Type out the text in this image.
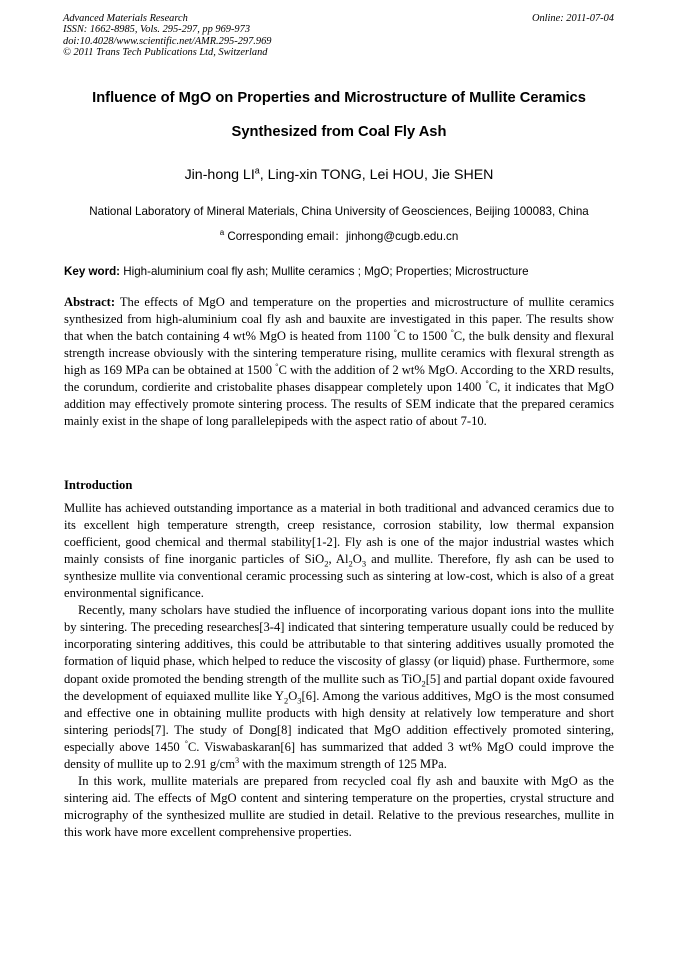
Advanced Materials Research
ISSN: 1662-8985, Vols. 295-297, pp 969-973
doi:10.4028/www.scientific.net/AMR.295-297.969
© 2011 Trans Tech Publications Ltd, Switzerland
Online: 2011-07-04
Influence of MgO on Properties and Microstructure of Mullite Ceramics
Synthesized from Coal Fly Ash
Jin-hong $LI^a$, Ling-xin TONG, Lei HOU, Jie SHEN
National Laboratory of Mineral Materials, China University of Geosciences, Beijing 100083, China
$^a$ Corresponding email：jinhong@cugb.edu.cn
Key word: High-aluminium coal fly ash; Mullite ceramics ; MgO; Properties; Microstructure
Abstract: The effects of MgO and temperature on the properties and microstructure of mullite ceramics synthesized from high-aluminium coal fly ash and bauxite are investigated in this paper. The results show that when the batch containing 4 wt% MgO is heated from 1100 °C to 1500 °C, the bulk density and flexural strength increase obviously with the sintering temperature rising, mullite ceramics with flexural strength as high as 169 MPa can be obtained at 1500 °C with the addition of 2 wt% MgO. According to the XRD results, the corundum, cordierite and cristobalite phases disappear completely upon 1400 °C, it indicates that MgO addition may effectively promote sintering process. The results of SEM indicate that the prepared ceramics mainly exist in the shape of long parallelepipeds with the aspect ratio of about 7-10.
Introduction

Mullite has achieved outstanding importance as a material in both traditional and advanced ceramics due to its excellent high temperature strength, creep resistance, corrosion stability, low thermal expansion coefficient, good chemical and thermal stability[1-2]. Fly ash is one of the major industrial wastes which mainly consists of fine inorganic particles of SiO$_2$, $Al_2O_3$ and mullite. Therefore, fly ash can be used to synthesize mullite via conventional ceramic processing such as sintering at low-cost, which is also of a great environmental significance.

Recently, many scholars have studied the influence of incorporating various dopant ions into the mullite by sintering. The preceding researches[3-4] indicated that sintering temperature usually could be reduced by incorporating sintering additives, this could be attributable to that sintering additives usually promoted the formation of liquid phase, which helped to reduce the viscosity of glassy (or liquid) phase. Furthermore, some dopant oxide promoted the bending strength of the mullite such as TiO$_2$[5] and partial dopant oxide favoured the development of equiaxed mullite like $Y_2O_3[6]$. Among the various additives, MgO is the most consumed and effective one in obtaining mullite products with high density at relatively low temperature and short sintering periods[7]. The study of Dong[8] indicated that MgO addition effectively promoted sintering, especially above 1450 °C. Viswabaskaran[6] has summarized that added 3 wt% MgO could improve the density of mullite up to 2.91 $g/cm^3$ with the maximum strength of 125 MPa.

In this work, mullite materials are prepared from recycled coal fly ash and bauxite with MgO as the sintering aid. The effects of MgO content and sintering temperature on the properties, crystal structure and micrography of the synthesized mullite are studied in detail. Relative to the previous researches, mullite in this work have more excellent comprehensive properties.
